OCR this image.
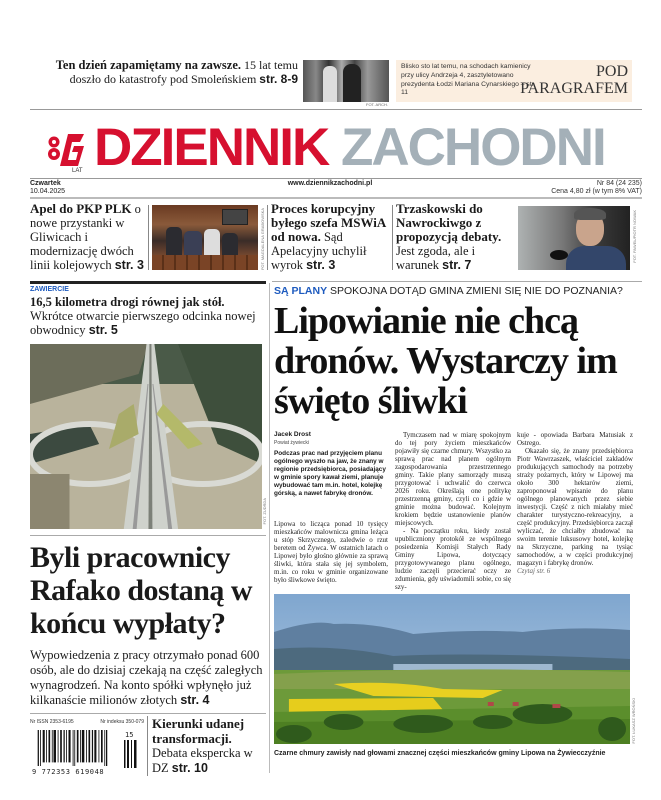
Ten dzień zapamiętamy na zawsze. 15 lat temu doszło do katastrofy pod Smoleńskiem str. 8-9
FOT. ARCH.
Blisko sto lat temu, na schodach kamienicy przy ulicy Andrzeja 4, zasztyletowano prezydenta Łodzi Mariana Cynarskiego – str. 11
POD
PARAGRAFEM
LAT DZIENNIK ZACHODNI
Czwartek
10.04.2025
www.dziennikzachodni.pl	Nr 84 (24 235)
Cena 4,80 zł (w tym 8% VAT)
Apel do PKP PLK o nowe przystanki w Gliwicach i modernizację dwóch linii kolejowych str. 3	FOT. MAGDALENA GRABOWSKA Proces korupcyjny byłego szefa MSWiA od nowa. Sąd Apelacyjny uchylił wyrok str. 3
Trzaskowski do Nawrockiwgo z propozycją debaty. Jest zgoda, ale i warunek str. 7
FOT. PAWEŁ/PIOTR NOWAK
ZAWIERCIE
16,5 kilometra drogi równej jak stół. Wkrótce otwarcie pierwszego odcinka nowej obwodnicy str. 5
FOT. ZUDRDA
Byli pracownicy Rafako dostaną w końcu wypłaty?
Wypowiedzenia z pracy otrzymało ponad 600 osób, ale do dzisiaj czekają na część zaległych wynagrodzeń. Na konto spółki wpłynęło już kilkanaście milionów złotych str. 4
Nr ISSN 2353-6195	Nr indeksu 350-079
9 772353 619048
15
Kierunki udanej transformacji. Debata ekspercka w DZ str. 10
SĄ PLANY SPOKOJNA DOTĄD GMINA ZMIENI SIĘ NIE DO POZNANIA?
Lipowianie nie chcą dronów. Wystarczy im święto śliwki
Jacek Drost
Powiat żywiecki
Podczas prac nad przyjęciem planu ogólnego wyszło na jaw, że znany w regionie przedsiębiorca, posiadający w gminie spory kawał ziemi, planuje wybudować tam m.in. hotel, kolejkę górską, a nawet fabrykę dronów.

Lipowa to licząca ponad 10 tysięcy mieszkańców malownicza gmina leżąca u stóp Skrzycznego, zaledwie o rzut beretem od Żywca. W ostatnich latach o Lipowej było głośno głównie za sprawą śliwki, która stała się jej symbolem, m.in. co roku w gminie organizowane było śliwkowe święto.

Tymczasem nad w miarę spokojnym do tej pory życiem mieszkańców pojawiły się czarne chmury. Wszystko za sprawą prac nad planem ogólnym zagospodarowania przestrzennego gminy. Takie plany samorządy muszą przygotować i uchwalić do czerwca 2026 roku. Określają one politykę przestrzenną gminy, czyli co i gdzie w gminie można budować. Kolejnym krokiem będzie ustanowienie planów miejscowych.

- Na początku roku, kiedy został upubliczniony protokół ze wspólnego posiedzenia Komisji Stałych Rady Gminy Lipowa, dotyczący przygotowywanego planu ogólnego, ludzie zaczęli przecierać oczy ze zdumienia, gdy uświadomili sobie, co się szy-

kuje - opowiada Barbara Matusiak z Ostrego.

Okazało się, że znany przedsiębiorca Piotr Wawrzaszek, właściciel zakładów produkujących samochody na potrzeby straży pożarnych, który w Lipowej ma około 300 hektarów ziemi, zaproponował wpisanie do planu ogólnego planowanych przez siebie inwestycji. Część z nich miałaby mieć charakter turystyczno-rekreacyjny, a część produkcyjny. Przedsiębiorca zaczął wyliczać, że chciałby zbudować na swoim terenie luksusowy hotel, kolejkę na Skrzyczne, parking na tysiąc samochodów, a w części produkcyjnej magazyn i fabrykę dronów.

Czytaj str. 6

FOT. ŁUKASZ WROŃSKI
Czarne chmury zawisły nad głowami znacznej części mieszkańców gminy Lipowa na Żywiecczyźnie
